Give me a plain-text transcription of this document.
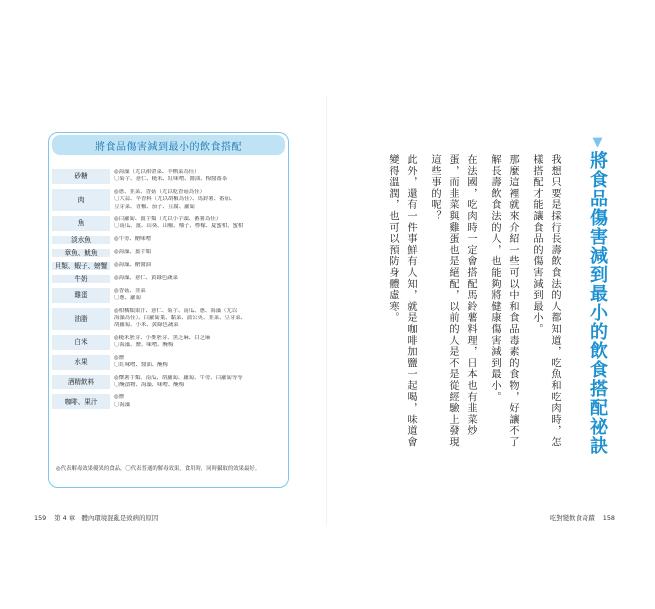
將食品傷害減到最小的飲食搭配
砂糖
◎海藻（尤以裙帶菜、羊栖菜為佳）
〇菊芋、薏仁、糙米、紅味噌、醬油、梅醬番茶
肉
◎蔥、韭菜、香菇（尤以乾香菇為佳）
〇大蒜、辛香料（尤以胡椒為佳）、馬鈴薯、番茄、
豆芽菜、青椒、茄子、豆腐、蘿蔔
魚
◎白蘿蔔、薑芋類（尤以小芋頭、蕃薯為佳）
〇南瓜、薑、山葵、山椒、柚子、檸檬、夏蜜柑、蜜柑
淡水魚	◎牛蒡、醋味噌
章魚、魷魚	◎海藻、薑芋類
貝類、蝦子、螃蟹	◎海藻、醋醬油
牛奶	◎海藻、薏仁、黃綠色蔬菜
雞蛋
◎香菇、韭菜
〇蔥、蘿蔔
油脂
◎柑橘類果汁、薏仁、菊芋、南瓜、蔥、海藻（尤以
海藻為佳）、白蘿蔔葉、黏菜、蒲公英、韭菜、豆芽菜、
胡蘿蔔、小米、黃綠色蔬菜
白米
◎糙米胚芽、小麥胚芽、黑芝麻、白芝麻
〇海藻、鹽、味噌、醃梅
水果
◎鹽
〇紅味噌、醬油、醃梅
酒精飲料
◎懷薯芋類、南瓜、胡蘿蔔、蘿蔔、牛蒡、白蘿蔔等等
〇醃漬物、海藻、味噌、醃梅
咖啡、果汁
◎鹽
〇海藻
◎代表解毒效果優異的食品，〇代表普通的解毒效果，食用時，同時攝取的效果最好。
159 第 4 章　體內環境混亂是致病的原因
▼將食品傷害減到最小的飲食搭配祕訣

我想只要是採行長壽飲食法的人都知道，吃魚和吃肉時，怎樣搭配才能讓食品的傷害減到最小。

那麼這裡就來介紹一些可以中和食品毒素的食物，好讓不了解長壽飲食法的人，也能夠將健康傷害減到最小。

在法國，吃肉時一定會搭配馬鈴薯料理，日本也有韭菜炒蛋，而韭菜與雞蛋也是絕配，以前的人是不是從經驗上發現這些事的呢？

此外，還有一件事鮮有人知，就是咖啡加鹽一起喝，味道會變得溫潤，也可以預防身體虛寒。

吃對變飲食奇蹟 158
